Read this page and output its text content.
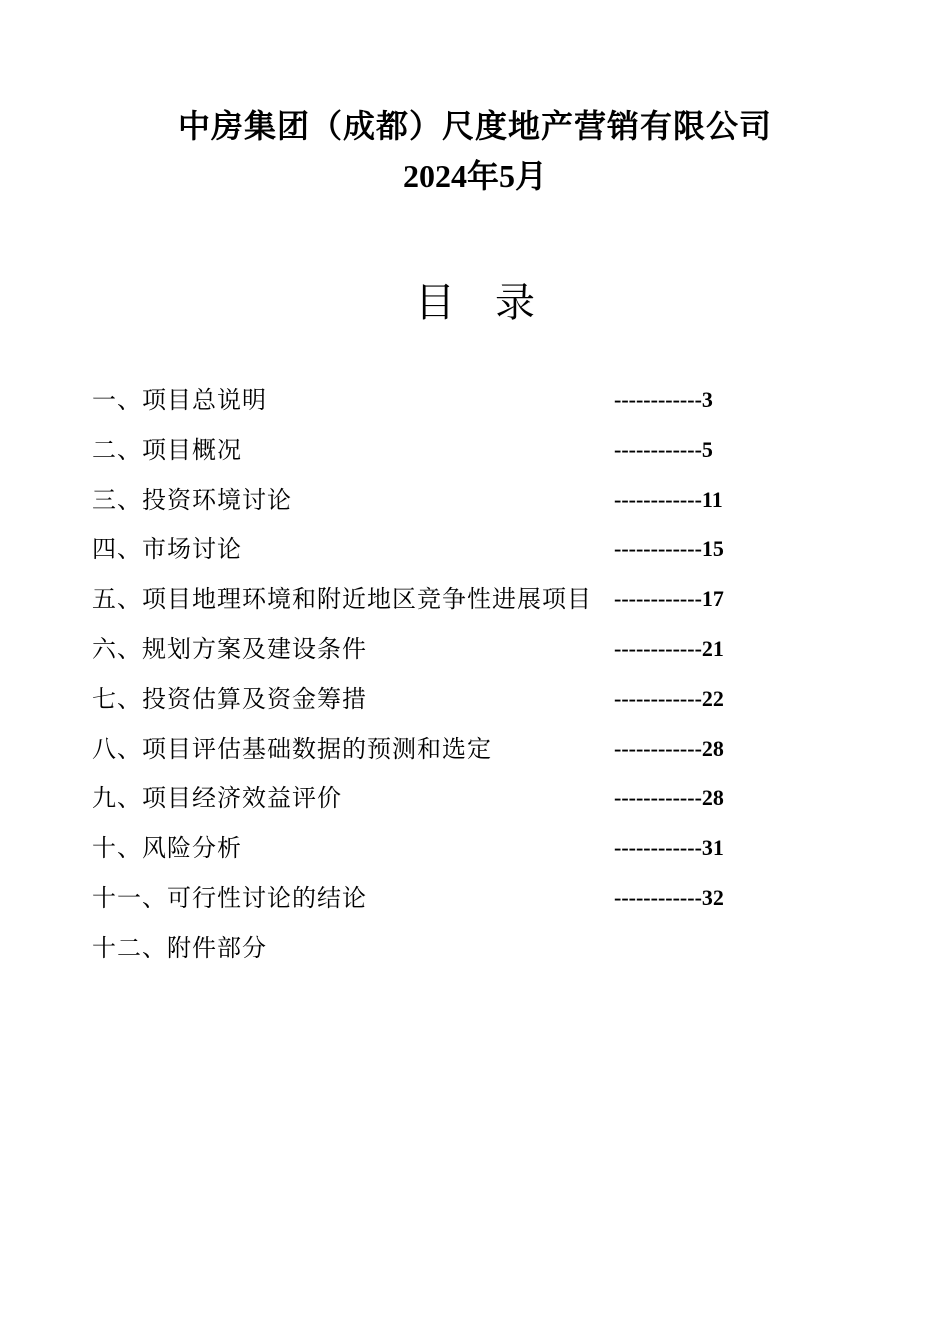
中房集团（成都）尺度地产营销有限公司
2024年5月
目录
一、项目总说明	------------3
二、项目概况	------------5
三、投资环境讨论	------------11
四、市场讨论	------------15
五、项目地理环境和附近地区竞争性进展项目 ------------17
六、规划方案及建设条件	------------21
七、投资估算及资金筹措	------------22
八、项目评估基础数据的预测和选定	------------28
九、项目经济效益评价	------------28
十、风险分析	------------31
十一、可行性讨论的结论	------------32
十二、附件部分
